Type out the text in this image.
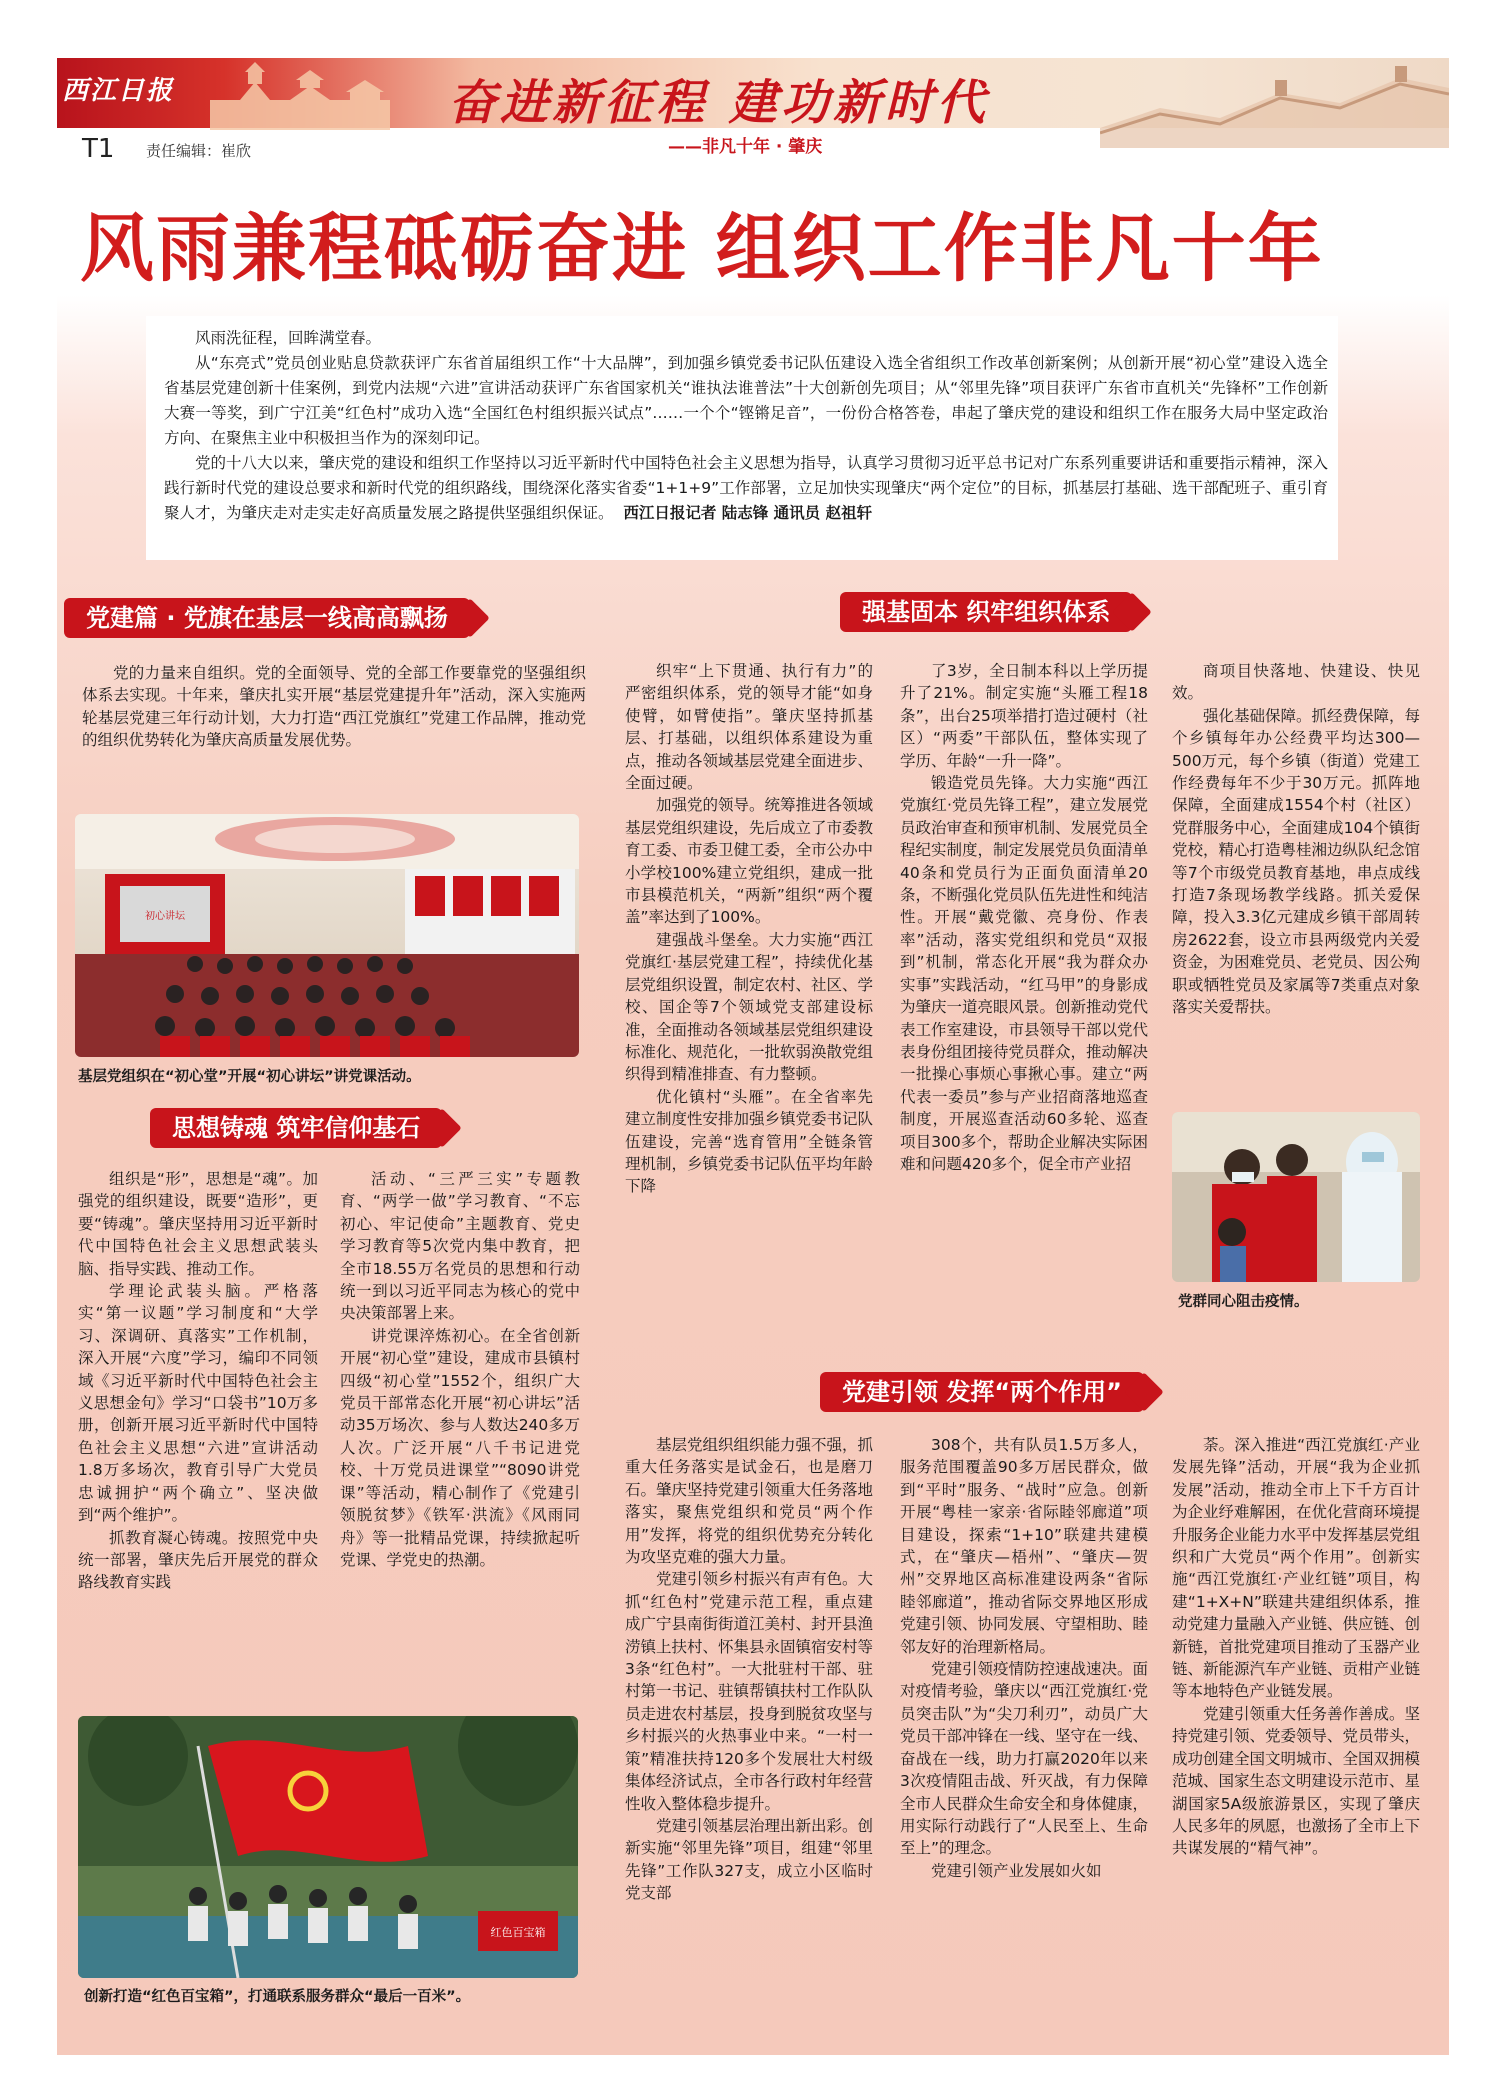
西江日报	奋进新征程 建功新时代
——非凡十年 · 肇庆
T1 责任编辑：崔欣
风雨兼程砥砺奋进 组织工作非凡十年

风雨洗征程，回眸满堂春。

从“东亮式”党员创业贴息贷款获评广东省首届组织工作“十大品牌”，到加强乡镇党委书记队伍建设入选全省组织工作改革创新案例；从创新开展“初心堂”建设入选全省基层党建创新十佳案例，到党内法规“六进”宣讲活动获评广东省国家机关“谁执法谁普法”十大创新创先项目；从“邻里先锋”项目获评广东省市直机关“先锋杯”工作创新大赛一等奖，到广宁江美“红色村”成功入选“全国红色村组织振兴试点”……一个个“铿锵足音”，一份份合格答卷，串起了肇庆党的建设和组织工作在服务大局中坚定政治方向、在聚焦主业中积极担当作为的深刻印记。

党的十八大以来，肇庆党的建设和组织工作坚持以习近平新时代中国特色社会主义思想为指导，认真学习贯彻习近平总书记对广东系列重要讲话和重要指示精神，深入践行新时代党的建设总要求和新时代党的组织路线，围绕深化落实省委“1+1+9”工作部署，立足加快实现肇庆“两个定位”的目标，抓基层打基础、选干部配班子、重引育聚人才，为肇庆走对走实走好高质量发展之路提供坚强组织保证。 西江日报记者 陆志锋 通讯员 赵祖轩

党建篇 · 党旗在基层一线高高飘扬

党的力量来自组织。党的全面领导、党的全部工作要靠党的坚强组织体系去实现。十年来，肇庆扎实开展“基层党建提升年”活动，深入实施两轮基层党建三年行动计划，大力打造“西江党旗红”党建工作品牌，推动党的组织优势转化为肇庆高质量发展优势。

初心讲坛
基层党组织在“初心堂”开展“初心讲坛”讲党课活动。
思想铸魂 筑牢信仰基石

组织是“形”，思想是“魂”。加强党的组织建设，既要“造形”，更要“铸魂”。肇庆坚持用习近平新时代中国特色社会主义思想武装头脑、指导实践、推动工作。

学理论武装头脑。严格落实“第一议题”学习制度和“大学习、深调研、真落实”工作机制，深入开展“六度”学习，编印不同领域《习近平新时代中国特色社会主义思想金句》学习“口袋书”10万多册，创新开展习近平新时代中国特色社会主义思想“六进”宣讲活动1.8万多场次，教育引导广大党员忠诚拥护“两个确立”、坚决做到“两个维护”。

抓教育凝心铸魂。按照党中央统一部署，肇庆先后开展党的群众路线教育实践

活动、“三严三实”专题教育、“两学一做”学习教育、“不忘初心、牢记使命”主题教育、党史学习教育等5次党内集中教育，把全市18.55万名党员的思想和行动统一到以习近平同志为核心的党中央决策部署上来。

讲党课淬炼初心。在全省创新开展“初心堂”建设，建成市县镇村四级“初心堂”1552个，组织广大党员干部常态化开展“初心讲坛”活动35万场次、参与人数达240多万人次。广泛开展“八千书记进党校、十万党员进课堂”“8090讲党课”等活动，精心制作了《党建引领脱贫梦》《铁军·洪流》《风雨同舟》等一批精品党课，持续掀起听党课、学党史的热潮。

红色百宝箱
创新打造“红色百宝箱”，打通联系服务群众“最后一百米”。
强基固本 织牢组织体系

织牢“上下贯通、执行有力”的严密组织体系，党的领导才能“如身使臂，如臂使指”。肇庆坚持抓基层、打基础，以组织体系建设为重点，推动各领域基层党建全面进步、全面过硬。

加强党的领导。统筹推进各领域基层党组织建设，先后成立了市委教育工委、市委卫健工委，全市公办中小学校100%建立党组织，建成一批市县模范机关，“两新”组织“两个覆盖”率达到了100%。

建强战斗堡垒。大力实施“西江党旗红·基层党建工程”，持续优化基层党组织设置，制定农村、社区、学校、国企等7个领域党支部建设标准，全面推动各领域基层党组织建设标准化、规范化，一批软弱涣散党组织得到精准排查、有力整顿。

优化镇村“头雁”。在全省率先建立制度性安排加强乡镇党委书记队伍建设，完善“选育管用”全链条管理机制，乡镇党委书记队伍平均年龄下降

了3岁，全日制本科以上学历提升了21%。制定实施“头雁工程18条”，出台25项举措打造过硬村（社区）“两委”干部队伍，整体实现了学历、年龄“一升一降”。

锻造党员先锋。大力实施“西江党旗红·党员先锋工程”，建立发展党员政治审查和预审机制、发展党员全程纪实制度，制定发展党员负面清单40条和党员行为正面负面清单20条，不断强化党员队伍先进性和纯洁性。开展“戴党徽、亮身份、作表率”活动，落实党组织和党员“双报到”机制，常态化开展“我为群众办实事”实践活动，“红马甲”的身影成为肇庆一道亮眼风景。创新推动党代表工作室建设，市县领导干部以党代表身份组团接待党员群众，推动解决一批操心事烦心事揪心事。建立“两代表一委员”参与产业招商落地巡查制度，开展巡查活动60多轮、巡查项目300多个，帮助企业解决实际困难和问题420多个，促全市产业招

商项目快落地、快建设、快见效。

强化基础保障。抓经费保障，每个乡镇每年办公经费平均达300—500万元，每个乡镇（街道）党建工作经费每年不少于30万元。抓阵地保障，全面建成1554个村（社区）党群服务中心，全面建成104个镇街党校，精心打造粤桂湘边纵队纪念馆等7个市级党员教育基地，串点成线打造7条现场教学线路。抓关爱保障，投入3.3亿元建成乡镇干部周转房2622套，设立市县两级党内关爱资金，为困难党员、老党员、因公殉职或牺牲党员及家属等7类重点对象落实关爱帮扶。

党群同心阻击疫情。
党建引领 发挥“两个作用”

基层党组织组织能力强不强，抓重大任务落实是试金石，也是磨刀石。肇庆坚持党建引领重大任务落地落实，聚焦党组织和党员“两个作用”发挥，将党的组织优势充分转化为攻坚克难的强大力量。

党建引领乡村振兴有声有色。大抓“红色村”党建示范工程，重点建成广宁县南街街道江美村、封开县渔涝镇上扶村、怀集县永固镇宿安村等3条“红色村”。一大批驻村干部、驻村第一书记、驻镇帮镇扶村工作队队员走进农村基层，投身到脱贫攻坚与乡村振兴的火热事业中来。“一村一策”精准扶持120多个发展壮大村级集体经济试点，全市各行政村年经营性收入整体稳步提升。

党建引领基层治理出新出彩。创新实施“邻里先锋”项目，组建“邻里先锋”工作队327支，成立小区临时党支部

308个，共有队员1.5万多人，服务范围覆盖90多万居民群众，做到“平时”服务、“战时”应急。创新开展“粤桂一家亲·省际睦邻廊道”项目建设，探索“1+10”联建共建模式，在“肇庆—梧州”、“肇庆—贺州”交界地区高标准建设两条“省际睦邻廊道”，推动省际交界地区形成党建引领、协同发展、守望相助、睦邻友好的治理新格局。

党建引领疫情防控速战速决。面对疫情考验，肇庆以“西江党旗红·党员突击队”为“尖刀利刃”，动员广大党员干部冲锋在一线、坚守在一线、奋战在一线，助力打赢2020年以来3次疫情阻击战、歼灭战，有力保障全市人民群众生命安全和身体健康，用实际行动践行了“人民至上、生命至上”的理念。

党建引领产业发展如火如

荼。深入推进“西江党旗红·产业发展先锋”活动，开展“我为企业抓发展”活动，推动全市上下千方百计为企业纾难解困，在优化营商环境提升服务企业能力水平中发挥基层党组织和广大党员“两个作用”。创新实施“西江党旗红·产业红链”项目，构建“1+X+N”联建共建组织体系，推动党建力量融入产业链、供应链、创新链，首批党建项目推动了玉器产业链、新能源汽车产业链、贡柑产业链等本地特色产业链发展。

党建引领重大任务善作善成。坚持党建引领、党委领导、党员带头，成功创建全国文明城市、全国双拥模范城、国家生态文明建设示范市、星湖国家5A级旅游景区，实现了肇庆人民多年的夙愿，也激扬了全市上下共谋发展的“精气神”。
